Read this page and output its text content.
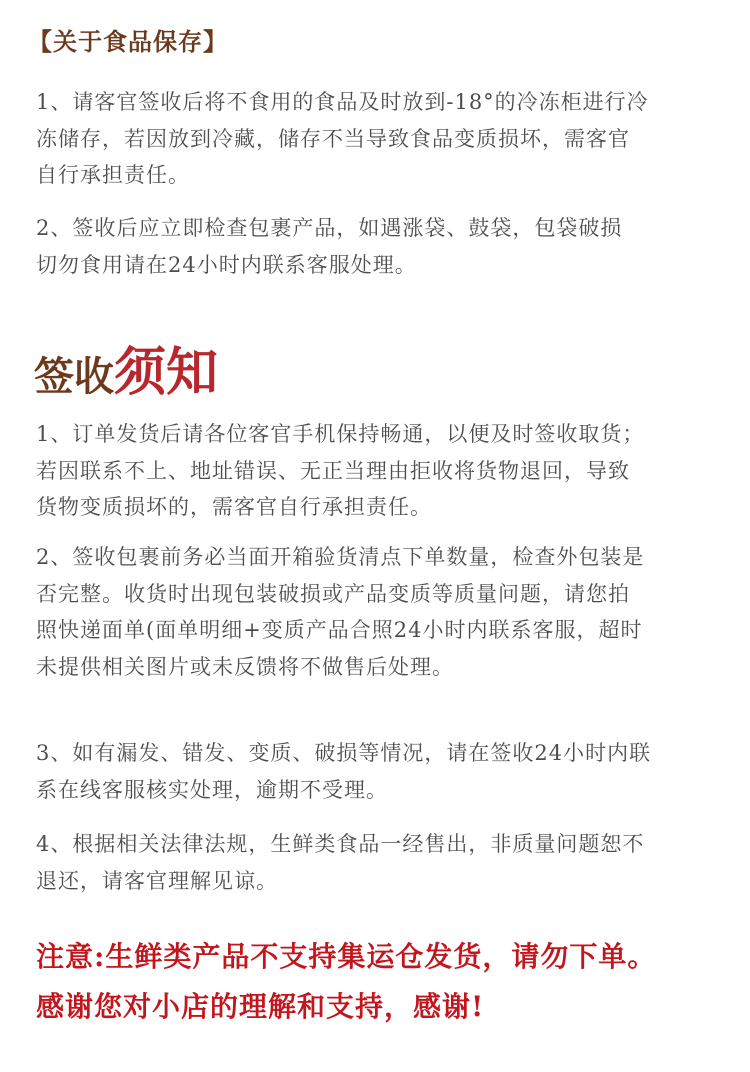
【关于食品保存】
1、请客官签收后将不食用的食品及时放到-18°的冷冻柜进行冷
冻储存，若因放到冷藏，储存不当导致食品变质损坏，需客官
自行承担责任。
2、签收后应立即检查包裹产品，如遇涨袋、鼓袋，包袋破损
切勿食用请在24小时内联系客服处理。
签收须知
1、订单发货后请各位客官手机保持畅通，以便及时签收取货；
若因联系不上、地址错误、无正当理由拒收将货物退回，导致
货物变质损坏的，需客官自行承担责任。
2、签收包裹前务必当面开箱验货清点下单数量，检查外包装是
否完整。收货时出现包装破损或产品变质等质量问题，请您拍
照快递面单(面单明细+变质产品合照24小时内联系客服，超时
未提供相关图片或未反馈将不做售后处理。
3、如有漏发、错发、变质、破损等情况，请在签收24小时内联
系在线客服核实处理，逾期不受理。
4、根据相关法律法规，生鲜类食品一经售出，非质量问题恕不
退还，请客官理解见谅。
注意:生鲜类产品不支持集运仓发货，请勿下单。
感谢您对小店的理解和支持，感谢!
